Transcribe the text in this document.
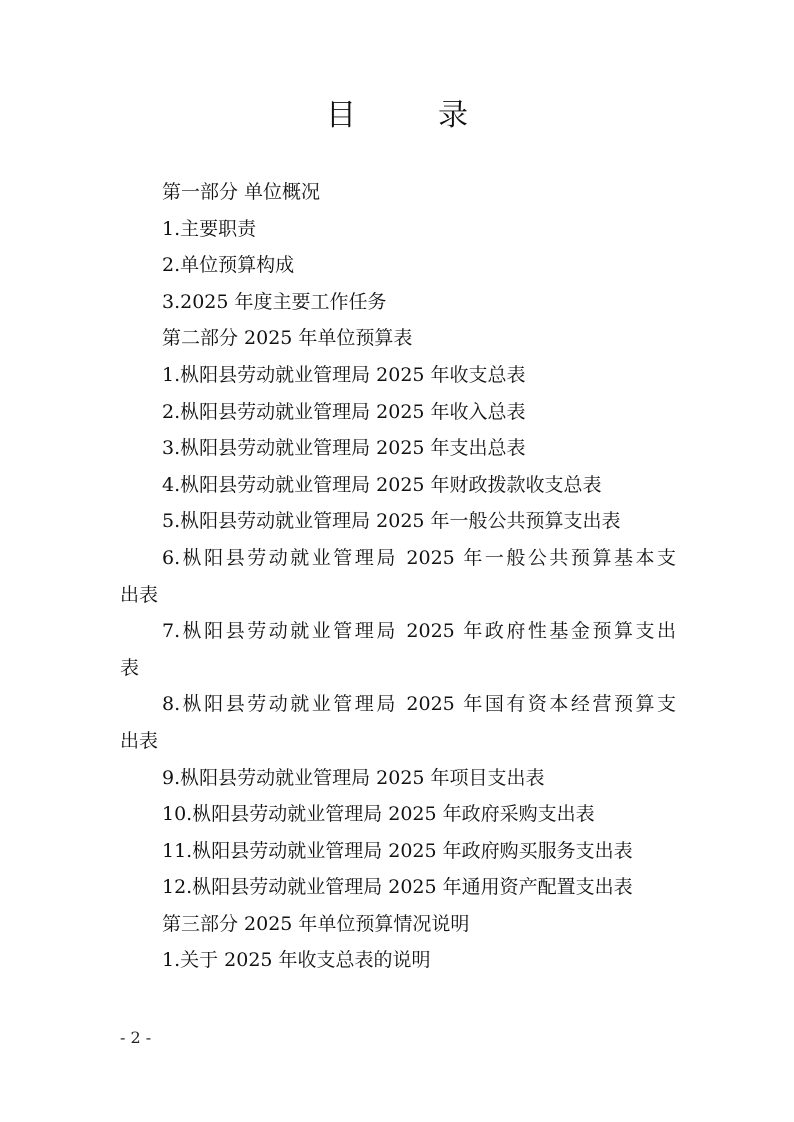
目　录
第一部分 单位概况
1.主要职责
2.单位预算构成
3.2025 年度主要工作任务
第二部分 2025 年单位预算表
1.枞阳县劳动就业管理局 2025 年收支总表
2.枞阳县劳动就业管理局 2025 年收入总表
3.枞阳县劳动就业管理局 2025 年支出总表
4.枞阳县劳动就业管理局 2025 年财政拨款收支总表
5.枞阳县劳动就业管理局 2025 年一般公共预算支出表
6.枞阳县劳动就业管理局 2025 年一般公共预算基本支
出表
7.枞阳县劳动就业管理局 2025 年政府性基金预算支出
表
8.枞阳县劳动就业管理局 2025 年国有资本经营预算支
出表
9.枞阳县劳动就业管理局 2025 年项目支出表
10.枞阳县劳动就业管理局 2025 年政府采购支出表
11.枞阳县劳动就业管理局 2025 年政府购买服务支出表
12.枞阳县劳动就业管理局 2025 年通用资产配置支出表
第三部分 2025 年单位预算情况说明
1.关于 2025 年收支总表的说明
- 2 -
